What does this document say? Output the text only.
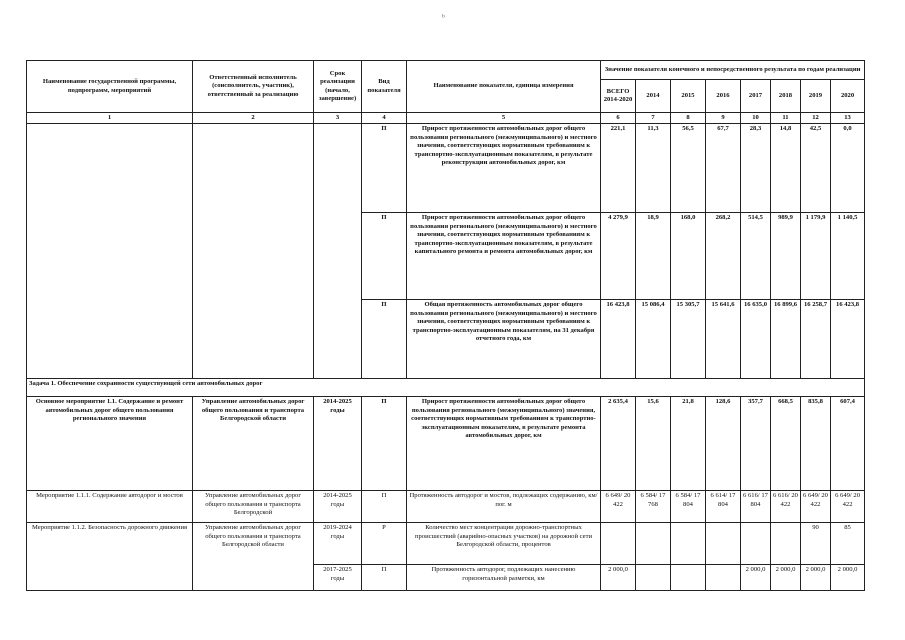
ᵇ
Наименование государственной программы, подпрограмм, мероприятий	Ответственный исполнитель (соисполнитель, участник), ответственный за реализацию	Срок реализации (начало, завершение)	Вид показателя	Наименование показателя, единица измерения	Значение показателя конечного и непосредственного результата по годам реализации							
					ВСЕГО 2014-2020	2014	2015	2016	2017	2018	2019	2020
1	2	3	4	5	6	7	8	9	10	11	12	13
			П	Прирост протяженности автомобильных дорог общего пользования регионального (межмуниципального) и местного значения, соответствующих нормативным требованиям к транспортно-эксплуатационным показателям, в результате реконструкции автомобильных дорог, км	221,1	11,3	56,5	67,7	28,3	14,8	42,5	0,0
			П	Прирост протяженности автомобильных дорог общего пользования регионального (межмуниципального) и местного значения, соответствующих нормативным требованиям к транспортно-эксплуатационным показателям, в результате капитального ремонта и ремонта автомобильных дорог, км	4 279,9	18,9	168,0	268,2	514,5	989,9	1 179,9	1 140,5
			П	Общая протяженность автомобильных дорог общего пользования регионального (межмуниципального) и местного значения, соответствующих нормативным требованиям к транспортно-эксплуатационным показателям, на 31 декабря отчетного года, км	16 423,8	15 086,4	15 305,7	15 641,6	16 635,0	16 899,6	16 258,7	16 423,8
Задача 1. Обеспечение сохранности существующей сети автомобильных дорог												
Основное мероприятие 1.1. Содержание и ремонт автомобильных дорог общего пользования регионального значения	Управление автомобильных дорог общего пользования и транспорта Белгородской области	2014-2025 годы	П	Прирост протяженности автомобильных дорог общего пользования регионального (межмуниципального) значения, соответствующих нормативным требованиям к транспортно-эксплуатационным показателям, в результате ремонта автомобильных дорог, км	2 635,4	15,6	21,8	128,6	357,7	668,5	835,8	607,4
Мероприятие 1.1.1. Содержание автодорог и мостов	Управление автомобильных дорог общего пользования и транспорта Белгородской	2014-2025 годы	П	Протяженность автодорог и мостов, подлежащих содержанию, км/пог. м	6 649/ 20 422	6 584/ 17 768	6 584/ 17 804	6 614/ 17 804	6 616/ 17 804	6 616/ 20 422	6 649/ 20 422	6 649/ 20 422
Мероприятие 1.1.2. Безопасность дорожного движения	Управление автомобильных дорог общего пользования и транспорта Белгородской области	2019-2024 годы	Р	Количество мест концентрации дорожно-транспортных происшествий (аварийно-опасных участков) на дорожной сети Белгородской области, процентов							90	85
		2017-2025 годы	П	Протяженность автодорог, подлежащих нанесению горизонтальной разметки, км	2 000,0				2 000,0	2 000,0	2 000,0	2 000,0
